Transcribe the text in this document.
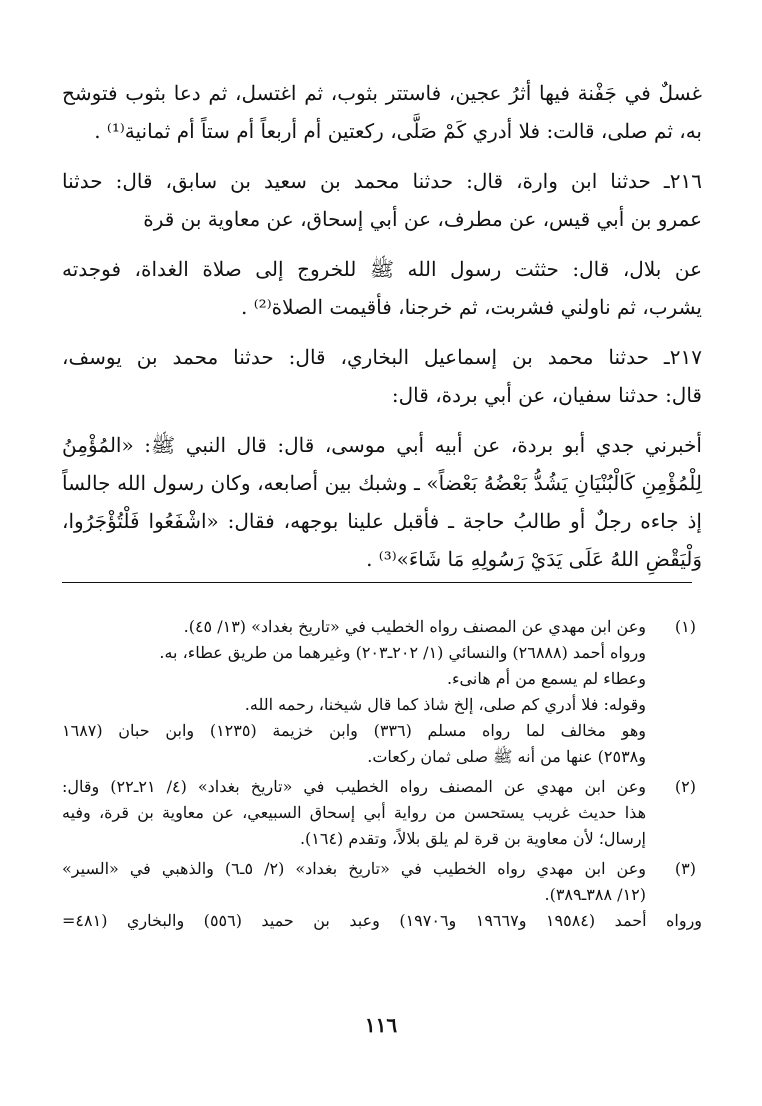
غسلٌ في جَفْنة فيها أثرُ عجين، فاستتر بثوب، ثم اغتسل، ثم دعا بثوب فتوشح
به، ثم صلى، قالت: فلا أدري كَمْ صَلَّى، ركعتين أم أربعاً أم ستاً أم ثمانية⁽¹⁾ .
٢١٦ـ حدثنا ابن وارة، قال: حدثنا محمد بن سعيد بن سابق، قال: حدثنا
عمرو بن أبي قيس، عن مطرف، عن أبي إسحاق، عن معاوية بن قرة
عن بلال، قال: حثثت رسول الله ﷺ للخروج إلى صلاة الغداة، فوجدته
يشرب، ثم ناولني فشربت، ثم خرجنا، فأقيمت الصلاة⁽²⁾ .
٢١٧ـ حدثنا محمد بن إسماعيل البخاري، قال: حدثنا محمد بن يوسف،
قال: حدثنا سفيان، عن أبي بردة، قال:
أخبرني جدي أبو بردة، عن أبيه أبي موسى، قال: قال النبي ﷺ: «المُؤْمِنُ
لِلْمُؤْمِنِ كَالْبُنْيَانِ يَشُدُّ بَعْضُهُ بَعْضاً» ـ وشبك بين أصابعه، وكان رسول الله جالساً
إذ جاءه رجلٌ أو طالبُ حاجة ـ فأقبل علينا بوجهه، فقال: «اشْفَعُوا فَلْتُؤْجَرُوا،
وَلْيَقْضِ اللهُ عَلَى يَدَيْ رَسُولِهِ مَا شَاءَ»⁽³⁾ .
(١)
وعن ابن مهدي عن المصنف رواه الخطيب في «تاريخ بغداد» (١٣/ ٤٥).
ورواه أحمد (٢٦٨٨٨) والنسائي (١/ ٢٠٢ـ٢٠٣) وغيرهما من طريق عطاء، به.
وعطاء لم يسمع من أم هانىء.
وقوله: فلا أدري كم صلى، إلخ شاذ كما قال شيخنا، رحمه الله.
وهو مخالف لما رواه مسلم (٣٣٦) وابن خزيمة (١٢٣٥) وابن حبان (١٦٨٧
و٢٥٣٨) عنها من أنه ﷺ صلى ثمان ركعات.
(٢)
وعن ابن مهدي عن المصنف رواه الخطيب في «تاريخ بغداد» (٤/ ٢١ـ٢٢) وقال:
هذا حديث غريب يستحسن من رواية أبي إسحاق السبيعي، عن معاوية بن قرة، وفيه
إرسال؛ لأن معاوية بن قرة لم يلق بلالاً، وتقدم (١٦٤).
(٣)
وعن ابن مهدي رواه الخطيب في «تاريخ بغداد» (٢/ ٥ـ٦) والذهبي في «السير»
(١٢/ ٣٨٨ـ٣٨٩).
ورواه أحمد (١٩٥٨٤ و١٩٦٦٧ و١٩٧٠٦) وعبد بن حميد (٥٥٦) والبخاري (٤٨١=
١١٦
